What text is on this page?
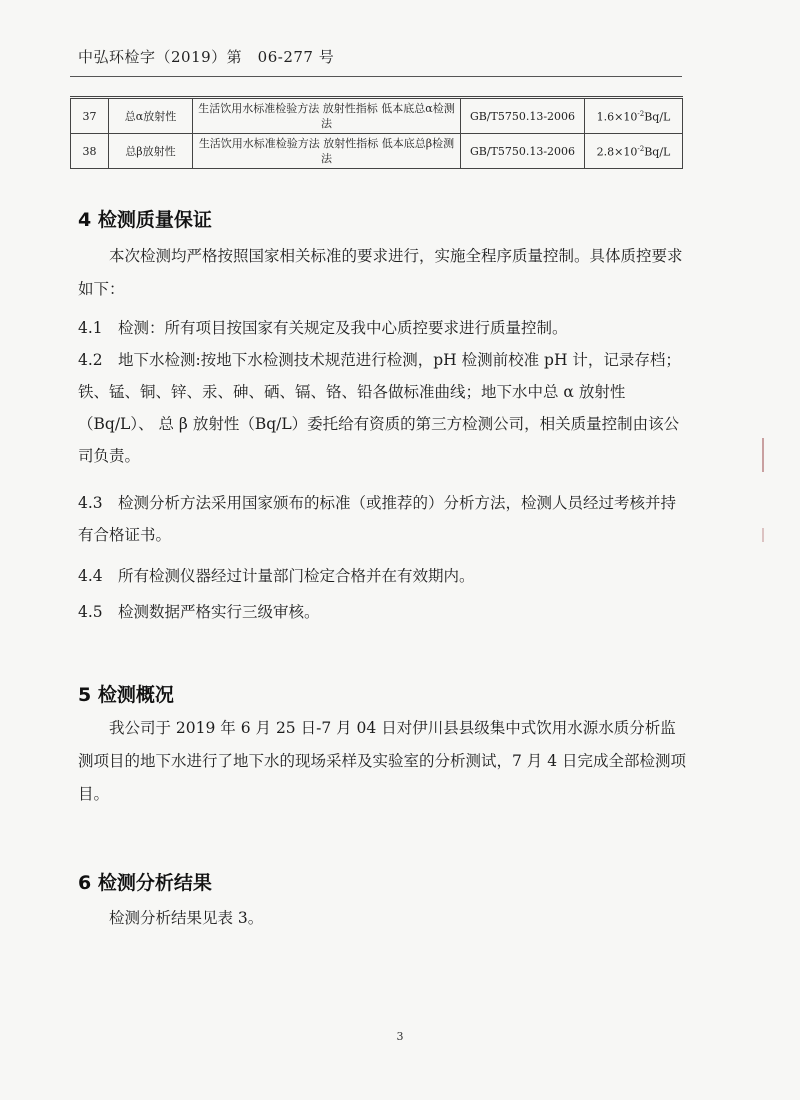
中弘环检字（2019）第　06-277 号
37	总α放射性	生活饮用水标准检验方法 放射性指标 低本底总α检测法	GB/T5750.13-2006	$1.6\times 10^{-2}Bq/L$
38	总β放射性	生活饮用水标准检验方法 放射性指标 低本底总β检测法	GB/T5750.13-2006	$2.8\times 10^{-2}Bq/L$
4 检测质量保证
本次检测均严格按照国家相关标准的要求进行，实施全程序质量控制。具体质控要求如下：
4.1 检测：所有项目按国家有关规定及我中心质控要求进行质量控制。
4.2 地下水检测:按地下水检测技术规范进行检测，pH 检测前校准 pH 计，记录存档；铁、锰、铜、锌、汞、砷、硒、镉、铬、铅各做标准曲线；地下水中总 α 放射性（Bq/L）、 总 β 放射性（Bq/L）委托给有资质的第三方检测公司，相关质量控制由该公司负责。
4.3 检测分析方法采用国家颁布的标准（或推荐的）分析方法，检测人员经过考核并持有合格证书。
4.4 所有检测仪器经过计量部门检定合格并在有效期内。
4.5 检测数据严格实行三级审核。
5 检测概况
我公司于 2019 年 6 月 25 日-7 月 04 日对伊川县县级集中式饮用水源水质分析监测项目的地下水进行了地下水的现场采样及实验室的分析测试，7 月 4 日完成全部检测项目。
6 检测分析结果
检测分析结果见表 3。
3
